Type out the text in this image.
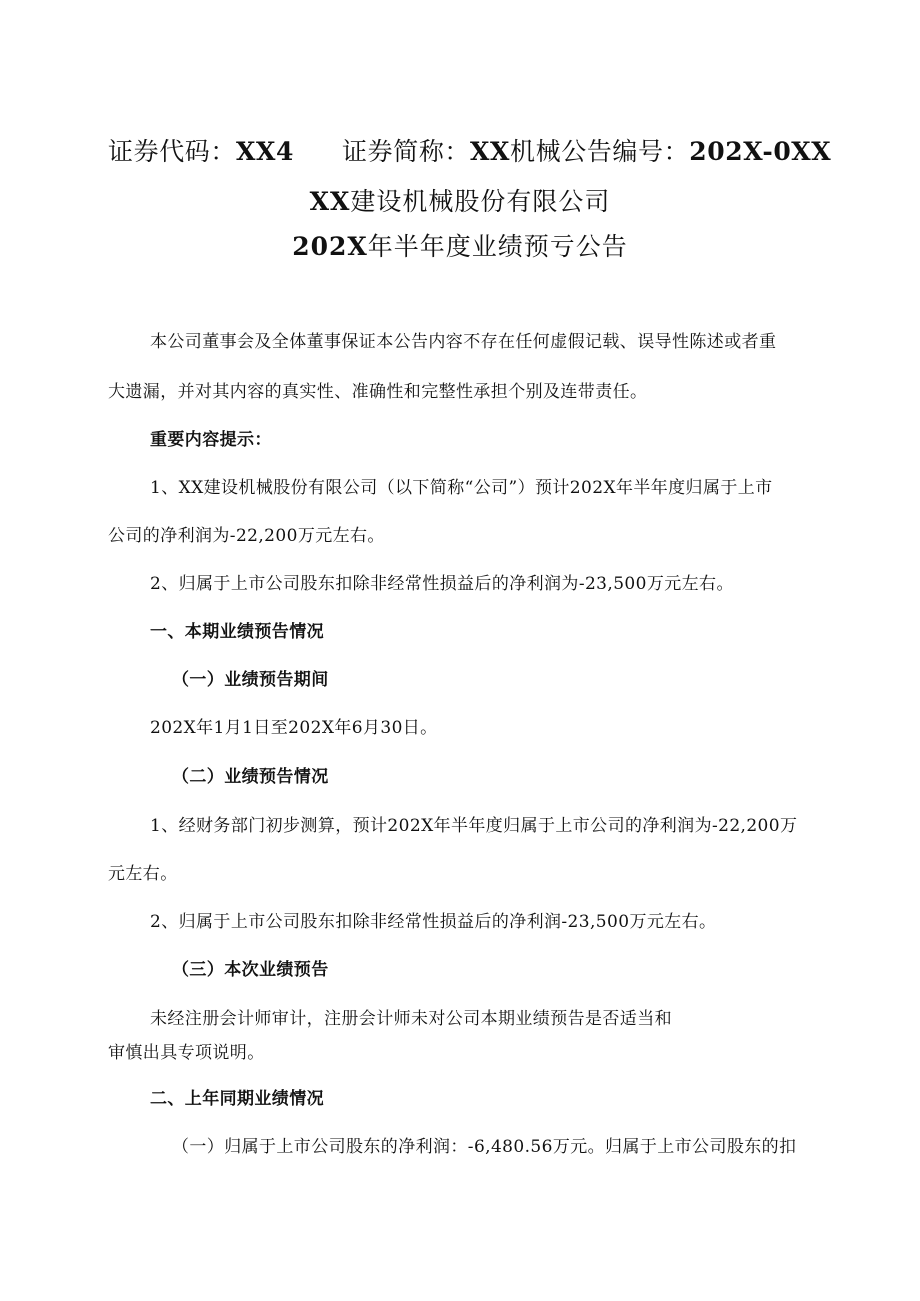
证券代码：XX4 证券简称：XX机械公告编号：202X-0XX
XX建设机械股份有限公司
202X年半年度业绩预亏公告
本公司董事会及全体董事保证本公告内容不存在任何虚假记载、误导性陈述或者重
大遗漏，并对其内容的真实性、准确性和完整性承担个别及连带责任。
重要内容提示：
1、XX建设机械股份有限公司（以下简称“公司”）预计202X年半年度归属于上市
公司的净利润为-22,200万元左右。
2、归属于上市公司股东扣除非经常性损益后的净利润为-23,500万元左右。
一、本期业绩预告情况
（一）业绩预告期间
202X年1月1日至202X年6月30日。
（二）业绩预告情况
1、经财务部门初步测算，预计202X年半年度归属于上市公司的净利润为-22,200万
元左右。
2、归属于上市公司股东扣除非经常性损益后的净利润-23,500万元左右。
（三）本次业绩预告
未经注册会计师审计，注册会计师未对公司本期业绩预告是否适当和
审慎出具专项说明。
二、上年同期业绩情况
（一）归属于上市公司股东的净利润：-6,480.56万元。归属于上市公司股东的扣
